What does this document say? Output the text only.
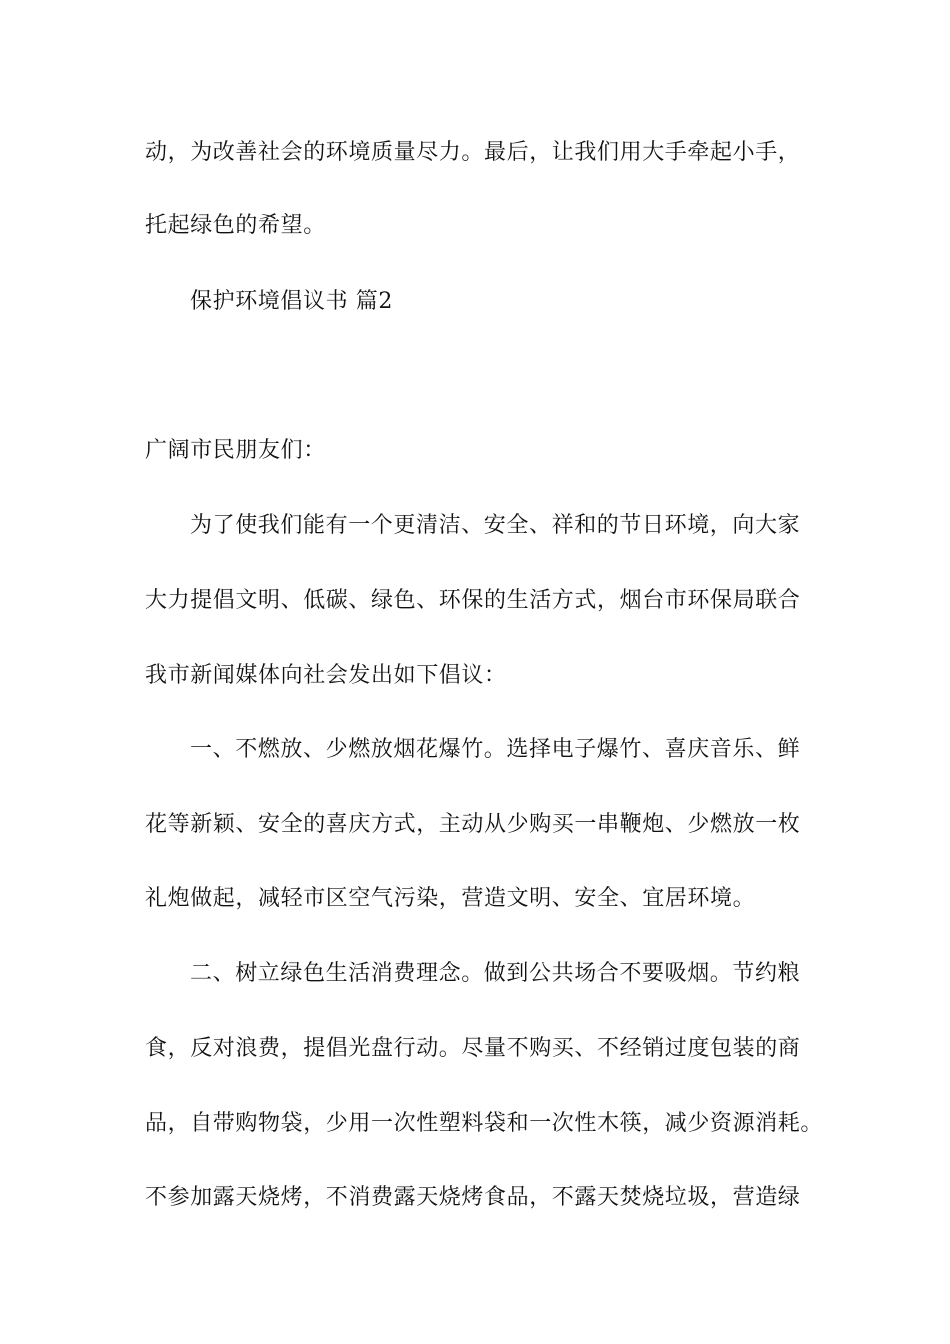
动，为改善社会的环境质量尽力。最后，让我们用大手牵起小手，
托起绿色的希望。
保护环境倡议书 篇2
广阔市民朋友们：
为了使我们能有一个更清洁、安全、祥和的节日环境，向大家
大力提倡文明、低碳、绿色、环保的生活方式，烟台市环保局联合
我市新闻媒体向社会发出如下倡议：
一、不燃放、少燃放烟花爆竹。选择电子爆竹、喜庆音乐、鲜
花等新颖、安全的喜庆方式，主动从少购买一串鞭炮、少燃放一枚
礼炮做起，减轻市区空气污染，营造文明、安全、宜居环境。
二、树立绿色生活消费理念。做到公共场合不要吸烟。节约粮
食，反对浪费，提倡光盘行动。尽量不购买、不经销过度包装的商
品，自带购物袋，少用一次性塑料袋和一次性木筷，减少资源消耗。
不参加露天烧烤，不消费露天烧烤食品，不露天焚烧垃圾，营造绿
